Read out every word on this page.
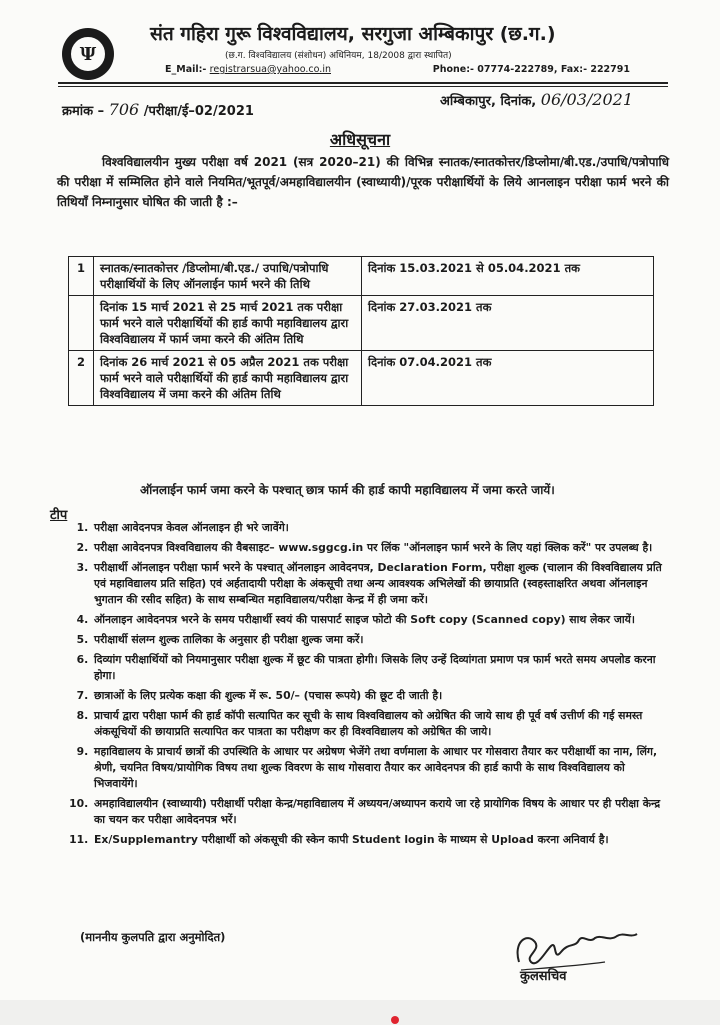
Ψ
संत गहिरा गुरू विश्वविद्यालय, सरगुजा अम्बिकापुर (छ.ग.)
(छ.ग. विश्वविद्यालय (संशोधन) अधिनियम, 18/2008 द्वारा स्थापित)
E_Mail:- registrarsua@yahoo.co.in	Phone:- 07774-222789, Fax:- 222791
क्रमांक – 706 /परीक्षा/ई–02/2021
अम्बिकापुर, दिनांक, 06/03/2021
अधिसूचना
विश्वविद्यालयीन मुख्य परीक्षा वर्ष 2021 (सत्र 2020–21) की विभिन्न स्नातक/स्नातकोत्तर/डिप्लोमा/बी.एड./उपाधि/पत्रोपाधि की परीक्षा में सम्मिलित होने वाले नियमित/भूतपूर्व/अमहाविद्यालयीन (स्वाध्यायी)/पूरक परीक्षार्थियों के लिये आनलाइन परीक्षा फार्म भरने की तिथियाँ निम्नानुसार घोषित की जाती है :–
1	स्नातक/स्नातकोत्तर /डिप्लोमा/बी.एड./ उपाधि/पत्रोपाधि परीक्षार्थियों के लिए ऑनलाईन फार्म भरने की तिथि	दिनांक 15.03.2021 से 05.04.2021 तक
	दिनांक 15 मार्च 2021 से 25 मार्च 2021 तक परीक्षा फार्म भरने वाले परीक्षार्थियों की हार्ड कापी महाविद्यालय द्वारा विश्वविद्यालय में फार्म जमा करने की अंतिम तिथि	दिनांक 27.03.2021 तक
2	दिनांक 26 मार्च 2021 से 05 अप्रैल 2021 तक परीक्षा फार्म भरने वाले परीक्षार्थियों की हार्ड कापी महाविद्यालय द्वारा विश्वविद्यालय में जमा करने की अंतिम तिथि	दिनांक 07.04.2021 तक
ऑनलाईन फार्म जमा करने के पश्चात् छात्र फार्म की हार्ड कापी महाविद्यालय में जमा करते जायें।
टीप
1. परीक्षा आवेदनपत्र केवल ऑनलाइन ही भरे जावेंगे।
2. परीक्षा आवेदनपत्र विश्वविद्यालय की वैबसाइट– www.sggcg.in पर लिंक "ऑनलाइन फार्म भरने के लिए यहां क्लिक करें" पर उपलब्ध है।
3. परीक्षार्थी ऑनलाइन परीक्षा फार्म भरने के पश्चात् ऑनलाइन आवेदनपत्र, Declaration Form, परीक्षा शुल्क (चालान की विश्वविद्यालय प्रति एवं महाविद्यालय प्रति सहित) एवं अर्हतादायी परीक्षा के अंकसूची तथा अन्य आवश्यक अभिलेखों की छायाप्रति (स्वहस्ताक्षरित अथवा ऑनलाइन भुगतान की रसीद सहित) के साथ सम्बन्धित महाविद्यालय/परीक्षा केन्द्र में ही जमा करें।
4. ऑनलाइन आवेदनपत्र भरने के समय परीक्षार्थी स्वयं की पासपार्ट साइज फोटो की Soft copy (Scanned copy) साथ लेकर जायें।
5. परीक्षार्थी संलग्न शुल्क तालिका के अनुसार ही परीक्षा शुल्क जमा करें।
6. दिव्यांग परीक्षार्थियों को नियमानुसार परीक्षा शुल्क में छूट की पात्रता होगी। जिसके लिए उन्हें दिव्यांगता प्रमाण पत्र फार्म भरते समय अपलोड करना होगा।
7. छात्राओं के लिए प्रत्येक कक्षा की शुल्क में रू. 50/– (पचास रूपये) की छूट दी जाती है।
8. प्राचार्य द्वारा परीक्षा फार्म की हार्ड कॉपी सत्यापित कर सूची के साथ विश्वविद्यालय को अग्रेषित की जाये साथ ही पूर्व वर्ष उत्तीर्ण की गई समस्त अंकसूचियों की छायाप्रति सत्यापित कर पात्रता का परीक्षण कर ही विश्वविद्यालय को अग्रेषित की जाये।
9. महाविद्यालय के प्राचार्य छात्रों की उपस्थिति के आधार पर अग्रेषण भेजेंगे तथा वर्णमाला के आधार पर गोसवारा तैयार कर परीक्षार्थी का नाम, लिंग, श्रेणी, चयनित विषय/प्रायोगिक विषय तथा शुल्क विवरण के साथ गोसवारा तैयार कर आवेदनपत्र की हार्ड कापी के साथ विश्वविद्यालय को भिजवायेंगे।
10. अमहाविद्यालयीन (स्वाध्यायी) परीक्षार्थी परीक्षा केन्द्र/महाविद्यालय में अध्ययन/अध्यापन कराये जा रहे प्रायोगिक विषय के आधार पर ही परीक्षा केन्द्र का चयन कर परीक्षा आवेदनपत्र भरें।
11. Ex/Supplemantry परीक्षार्थी को अंकसूची की स्केन कापी Student login के माध्यम से Upload करना अनिवार्य है।
(माननीय कुलपति द्वारा अनुमोदित)
कुलसचिव
